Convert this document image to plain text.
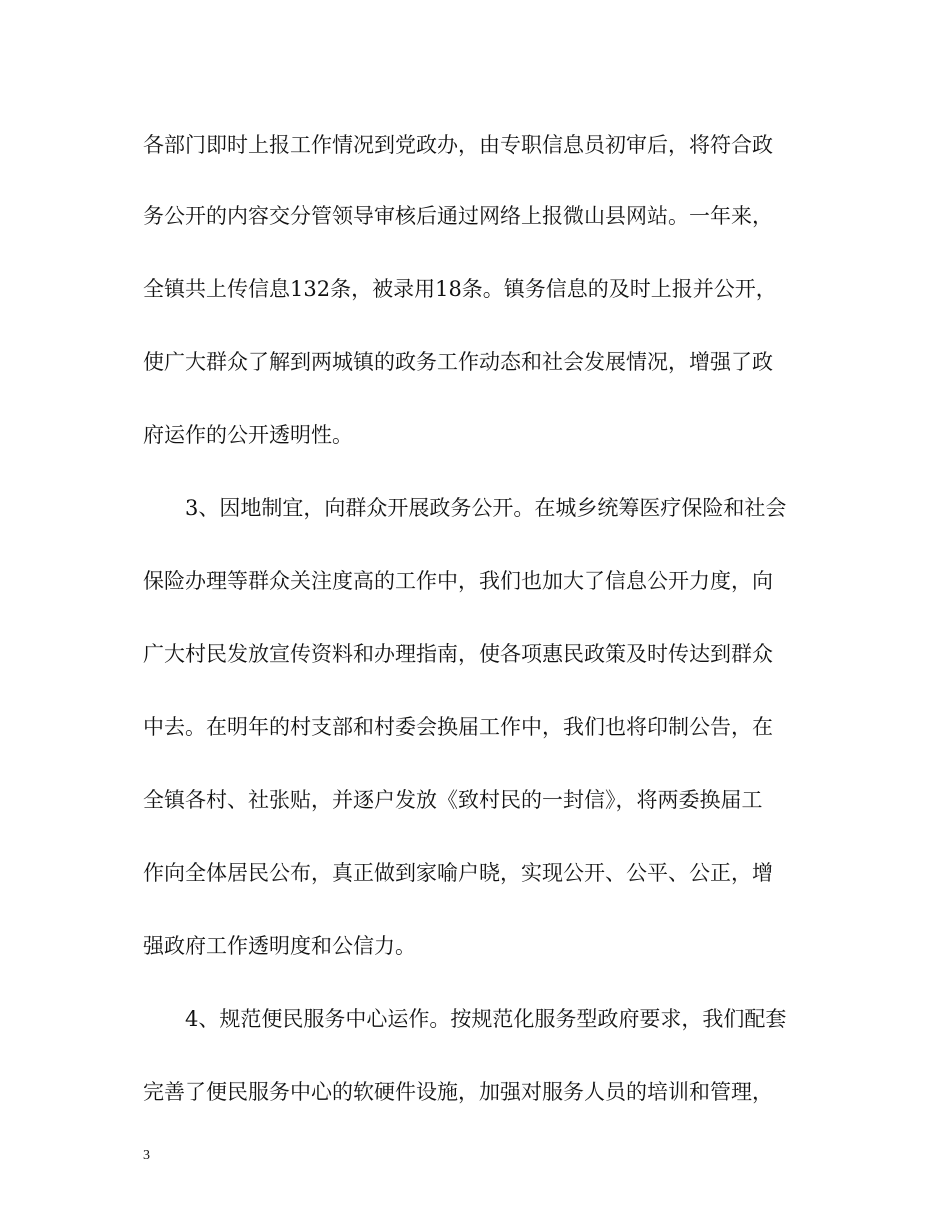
各部门即时上报工作情况到党政办，由专职信息员初审后，将符合政
务公开的内容交分管领导审核后通过网络上报微山县网站。一年来，
全镇共上传信息132条，被录用18条。镇务信息的及时上报并公开，
使广大群众了解到两城镇的政务工作动态和社会发展情况，增强了政
府运作的公开透明性。
3、因地制宜，向群众开展政务公开。在城乡统筹医疗保险和社会
保险办理等群众关注度高的工作中，我们也加大了信息公开力度，向
广大村民发放宣传资料和办理指南，使各项惠民政策及时传达到群众
中去。在明年的村支部和村委会换届工作中，我们也将印制公告，在
全镇各村、社张贴，并逐户发放《致村民的一封信》，将两委换届工
作向全体居民公布，真正做到家喻户晓，实现公开、公平、公正，增
强政府工作透明度和公信力。
4、规范便民服务中心运作。按规范化服务型政府要求，我们配套
完善了便民服务中心的软硬件设施，加强对服务人员的培训和管理，
3
